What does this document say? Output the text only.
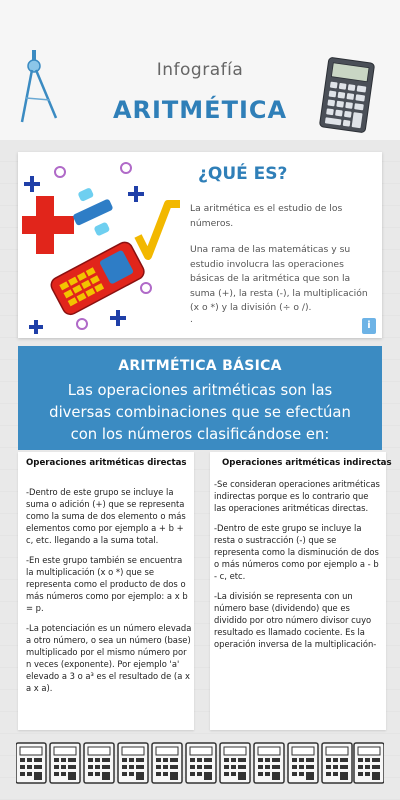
Infografía
ARITMÉTICA
¿QUÉ ES?
La aritmética es el estudio de los números.
Una rama de las matemáticas y su estudio involucra las operaciones básicas de la aritmética que son la suma (+), la resta (-), la multiplicación (x o *) y la división (÷ o /).
.	i
ARITMÉTICA BÁSICA
Las operaciones aritméticas son las diversas combinaciones que se efectúan con los números clasificándose en:
Operaciones aritméticas directas
-Dentro de este grupo se incluye la suma o adición (+) que se representa como la suma de dos elemento o más elementos como por ejemplo a + b + c, etc. llegando a la suma total.
-En este grupo también se encuentra la multiplicación (x o *) que se representa como el producto de dos o más números como por ejemplo: a x b = p.
-La potenciación es un número elevada a otro número, o sea un número (base) multiplicado por el mismo número por n veces (exponente). Por ejemplo 'a' elevado a 3 o a³ es el resultado de (a x a x a).
Operaciones aritméticas indirectas
-Se consideran operaciones aritméticas indirectas porque es lo contrario que las operaciones aritméticas directas.
-Dentro de este grupo se incluye la resta o sustracción (-) que se representa como la disminución de dos o más números como por ejemplo a - b - c, etc.
-La división se representa con un número base (dividendo) que es dividido por otro número divisor cuyo resultado es llamado cociente. Es la operación inversa de la multiplicación-
